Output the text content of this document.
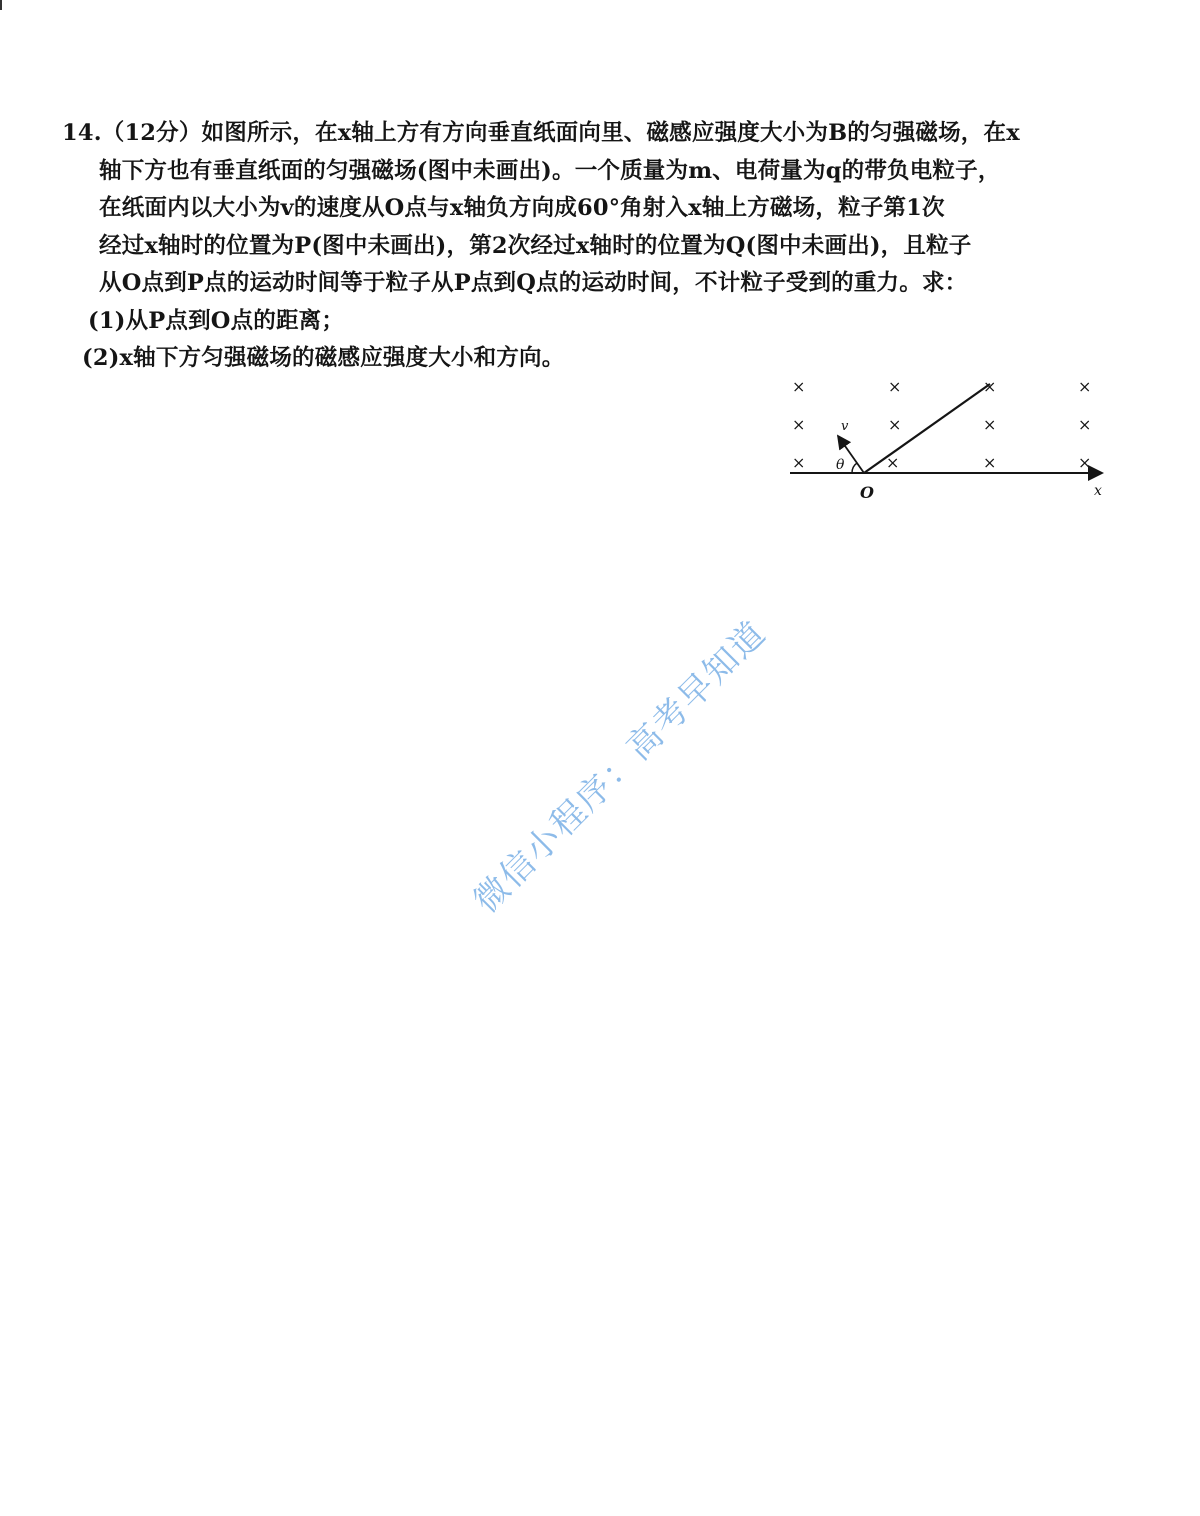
14.（12分）如图所示，在x轴上方有方向垂直纸面向里、磁感应强度大小为B的匀强磁场，在x
轴下方也有垂直纸面的匀强磁场(图中未画出)。一个质量为m、电荷量为q的带负电粒子，
在纸面内以大小为v的速度从O点与x轴负方向成60°角射入x轴上方磁场，粒子第1次
经过x轴时的位置为P(图中未画出)，第2次经过x轴时的位置为Q(图中未画出)，且粒子
从O点到P点的运动时间等于粒子从P点到Q点的运动时间，不计粒子受到的重力。求：
(1)从P点到O点的距离；
(2)x轴下方匀强磁场的磁感应强度大小和方向。
×	×	×	×
×	×	×	×
×	×	×	×
v
θ
O	x
微信小程序：高考早知道
